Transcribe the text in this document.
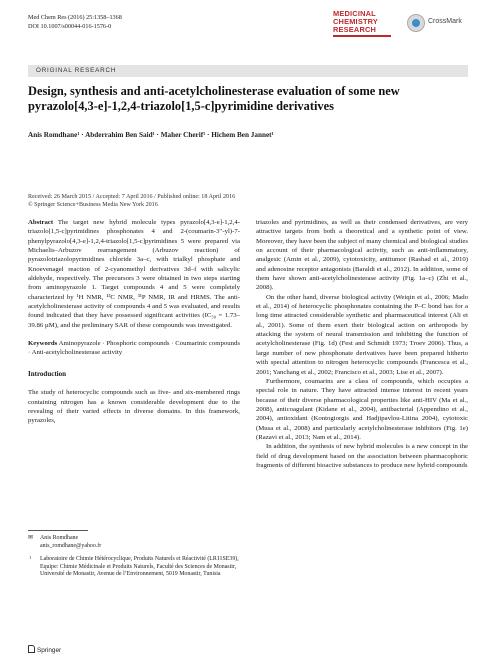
Med Chem Res (2016) 25:1358–1368
DOI 10.1007/s00044-016-1576-0
MEDICINAL
CHEMISTRY
RESEARCH
CrossMark
ORIGINAL RESEARCH
Design, synthesis and anti-acetylcholinesterase evaluation of some new pyrazolo[4,3-e]-1,2,4-triazolo[1,5-c]pyrimidine derivatives
Anis Romdhane¹ · Abderrahim Ben Said¹ · Maher Cherif¹ · Hichem Ben Jannet¹
Received: 26 March 2015 / Accepted: 7 April 2016 / Published online: 18 April 2016
© Springer Science+Business Media New York 2016

Abstract The target new hybrid molecule types pyrazolo[4,3-e]-1,2,4-triazolo[1,5-c]pyrimidines phosphonates 4 and 2-(coumarin-3′′-yl)-7-phenylpyrazolo[4,3-e]-1,2,4-triazolo[1,5-c]pyrimidines 5 were prepared via Michaelis–Arbuzov rearrangement (Arbuzov reaction) of pyrazolotriazolopyrimidines chloride 3a–c, with trialkyl phosphate and Knoevenagel reaction of 2-cyanomethyl derivatives 3d–f with salicylic aldehyde, respectively. The precursors 3 were obtained in two steps starting from aminopyrazole 1. Target compounds 4 and 5 were completely characterized by ¹H NMR, ¹³C NMR, ³¹P NMR, IR and HRMS. The anti-acetylcholinesterase activity of compounds 4 and 5 was evaluated, and results found indicated that they have possessed significant activities (IC₅₀ = 1.73–39.86 µM), and the preliminary SAR of these compounds was investigated.

Keywords Aminopyrazole · Phosphoric compounds · Coumarinic compounds · Anti-acetylcholinesterase activity

Introduction

The study of heterocyclic compounds such as five- and six-membered rings containing nitrogen has a known considerable development due to the revealing of their varied effects in diverse domains. In this framework, pyrazoles,

✉ Anis Romdhane
anis_romdhane@yahoo.fr
1 Laboratoire de Chimie Hétérocyclique, Produits Naturels et Réactivité (LR11SE39), Equipe: Chimie Médicinale et Produits Naturels, Faculté des Sciences de Monastir, Université de Monastir, Avenue de l’Environnement, 5019 Monastir, Tunisia

triazoles and pyrimidines, as well as their condensed derivatives, are very attractive targets from both a theoretical and a synthetic point of view. Moreover, they have been the subject of many chemical and biological studies on account of their pharmacological activity, such as anti-inflammatory, analgesic (Amin et al., 2009), cytotoxicity, antitumor (Rashad et al., 2010) and adenosine receptor antagonists (Baraldi et al., 2012). In addition, some of them have shown anti-acetylcholinesterase activity (Fig. 1a–c) (Zhi et al., 2008).

On the other hand, diverse biological activity (Weiqin et al., 2006; Mado et al., 2014) of heterocyclic phosphonates containing the P–C bond has for a long time attracted considerable synthetic and pharmaceutical interest (Ali et al., 2001). Some of them exert their biological action on arthropods by attacking the system of neural transmission and inhibiting the function of acetylcholinesterase (Fig. 1d) (Fest and Schmidt 1973; Troev 2006). Thus, a large number of new phosphonate derivatives have been prepared hitherto with special attention to nitrogen heterocyclic compounds (Francesca et al., 2001; Yanchang et al., 2002; Francisco et al., 2003; Lise et al., 2007).

Furthermore, coumarins are a class of compounds, which occupies a special role in nature. They have attracted intense interest in recent years because of their diverse pharmacological properties like anti-HIV (Ma et al., 2008), anticoagulant (Kidane et al., 2004), antibacterial (Appendino et al., 2004), antioxidant (Kontogiorgis and Hadjipavlou-Litina 2004), cytotoxic (Musa et al., 2008) and particularly acetylcholinesterase inhibitors (Fig. 1e) (Razavi et al., 2013; Nam et al., 2014).

In addition, the synthesis of new hybrid molecules is a new concept in the field of drug development based on the association between pharmacophoric fragments of different bioactive substances to produce new hybrid compounds

Springer
